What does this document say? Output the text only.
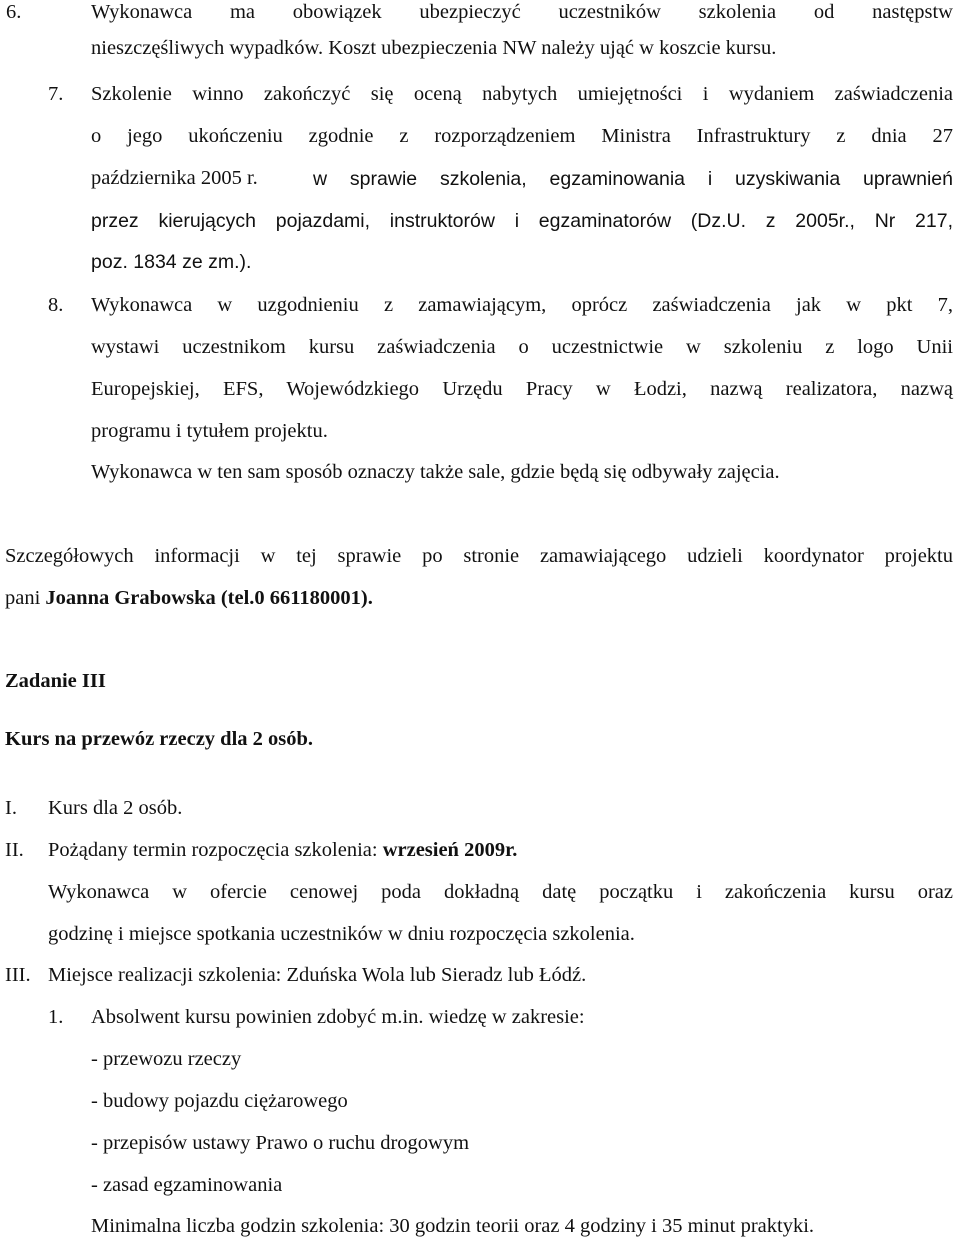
6.	Wykonawca ma obowiązek ubezpieczyć uczestników szkolenia od następstw
nieszczęśliwych wypadków. Koszt ubezpieczenia NW należy ująć w koszcie kursu.
7. Szkolenie winno zakończyć się oceną nabytych umiejętności i wydaniem zaświadczenia
o jego ukończeniu zgodnie z rozporządzeniem Ministra Infrastruktury z dnia 27
października 2005 r.	w sprawie szkolenia, egzaminowania i uzyskiwania uprawnień
przez kierujących pojazdami, instruktorów i egzaminatorów (Dz.U. z 2005r., Nr 217,
poz. 1834 ze zm.).
8. Wykonawca w uzgodnieniu z zamawiającym, oprócz zaświadczenia jak w pkt 7,
wystawi uczestnikom kursu zaświadczenia o uczestnictwie w szkoleniu z logo Unii
Europejskiej, EFS, Wojewódzkiego Urzędu Pracy w Łodzi, nazwą realizatora, nazwą
programu i tytułem projektu.
Wykonawca w ten sam sposób oznaczy także sale, gdzie będą się odbywały zajęcia.
Szczegółowych informacji w tej sprawie po stronie zamawiającego udzieli koordynator projektu
pani Joanna Grabowska (tel.0 661180001).
Zadanie III
Kurs na przewóz rzeczy dla 2 osób.
I. Kurs dla 2 osób.
II. Pożądany termin rozpoczęcia szkolenia: wrzesień 2009r.
Wykonawca w ofercie cenowej poda dokładną datę początku i zakończenia kursu oraz
godzinę i miejsce spotkania uczestników w dniu rozpoczęcia szkolenia.
III. Miejsce realizacji szkolenia: Zduńska Wola lub Sieradz lub Łódź.
1. Absolwent kursu powinien zdobyć m.in. wiedzę w zakresie:
- przewozu rzeczy
- budowy pojazdu ciężarowego
- przepisów ustawy Prawo o ruchu drogowym
- zasad egzaminowania
Minimalna liczba godzin szkolenia: 30 godzin teorii oraz 4 godziny i 35 minut praktyki.
